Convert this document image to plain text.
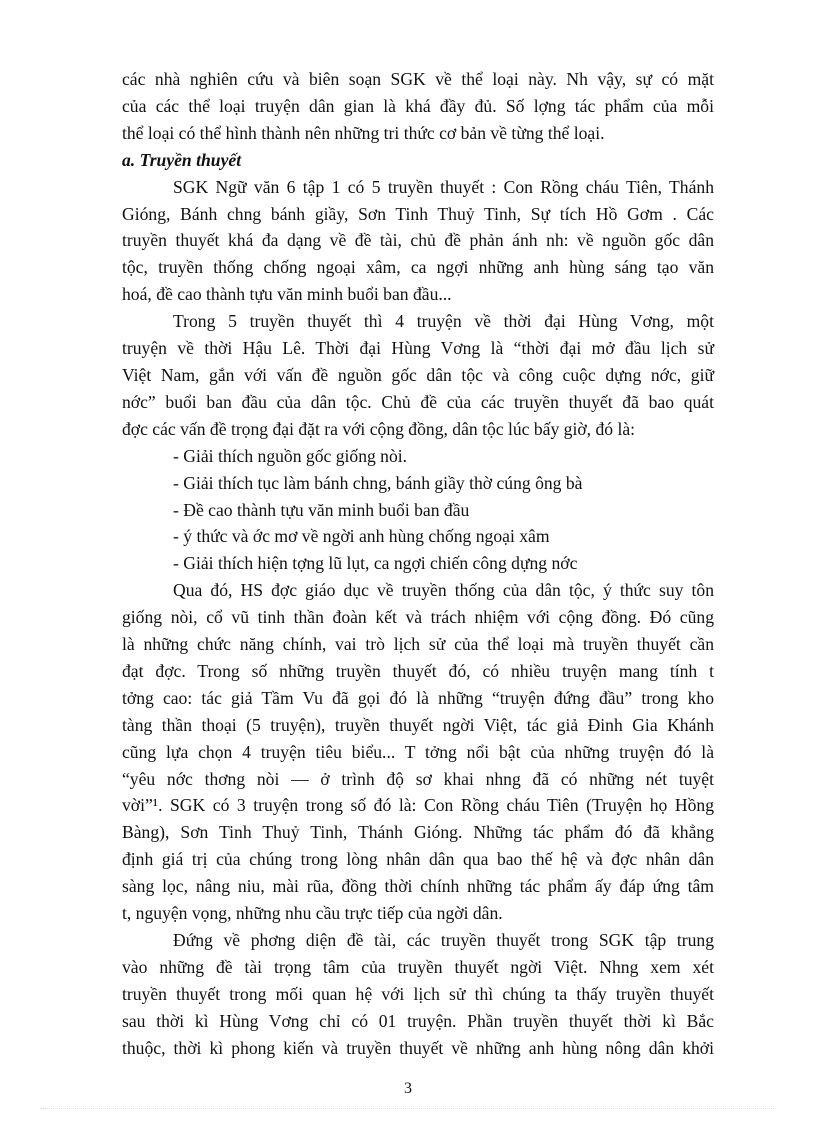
các nhà nghiên cứu và biên soạn SGK về thể loại này. Nh vậy, sự có mặt

của các thể loại truyện dân gian là khá đầy đủ. Số lợng tác phẩm của mỗi

thể loại có thể hình thành nên những tri thức cơ bản về từng thể loại.

a. Truyền thuyết

SGK Ngữ văn 6 tập 1 có 5 truyền thuyết : Con Rồng cháu Tiên, Thánh

Gióng, Bánh chng bánh giầy, Sơn Tinh Thuỷ Tinh, Sự tích Hồ Gơm . Các

truyền thuyết khá đa dạng về đề tài, chủ đề phản ánh nh: về nguồn gốc dân

tộc, truyền thống chống ngoại xâm, ca ngợi những anh hùng sáng tạo văn

hoá, đề cao thành tựu văn minh buổi ban đầu...

Trong 5 truyền thuyết thì 4 truyện về thời đại Hùng Vơng, một

truyện về thời Hậu Lê. Thời đại Hùng Vơng là “thời đại mở đầu lịch sử

Việt Nam, gắn với vấn đề nguồn gốc dân tộc và công cuộc dựng nớc, giữ

nớc” buổi ban đầu của dân tộc. Chủ đề của các truyền thuyết đã bao quát

đợc các vấn đề trọng đại đặt ra với cộng đồng, dân tộc lúc bấy giờ, đó là:

- Giải thích nguồn gốc giống nòi.

- Giải thích tục làm bánh chng, bánh giầy thờ cúng ông bà

- Đề cao thành tựu văn minh buổi ban đầu

- ý thức và ớc mơ về ngời anh hùng chống ngoại xâm

- Giải thích hiện tợng lũ lụt, ca ngợi chiến công dựng nớc

Qua đó, HS đợc giáo dục về truyền thống của dân tộc, ý thức suy tôn

giống nòi, cổ vũ tinh thần đoàn kết và trách nhiệm với cộng đồng. Đó cũng

là những chức năng chính, vai trò lịch sử của thể loại mà truyền thuyết cần

đạt đợc. Trong số những truyền thuyết đó, có nhiều truyện mang tính t

tởng cao: tác giả Tầm Vu đã gọi đó là những “truyện đứng đầu” trong kho

tàng thần thoại (5 truyện), truyền thuyết ngời Việt, tác giả Đinh Gia Khánh

cũng lựa chọn 4 truyện tiêu biểu... T tởng nổi bật của những truyện đó là

“yêu nớc thơng nòi — ở trình độ sơ khai nhng đã có những nét tuyệt

vời”¹. SGK có 3 truyện trong số đó là: Con Rồng cháu Tiên (Truyện họ Hồng

Bàng), Sơn Tinh Thuỷ Tinh, Thánh Gióng. Những tác phẩm đó đã khẳng

định giá trị của chúng trong lòng nhân dân qua bao thế hệ và đợc nhân dân

sàng lọc, nâng niu, mài rũa, đồng thời chính những tác phẩm ấy đáp ứng tâm

t, nguyện vọng, những nhu cầu trực tiếp của ngời dân.

Đứng về phơng diện đề tài, các truyền thuyết trong SGK tập trung

vào những đề tài trọng tâm của truyền thuyết ngời Việt. Nhng xem xét

truyền thuyết trong mối quan hệ với lịch sử thì chúng ta thấy truyền thuyết

sau thời kì Hùng Vơng chỉ có 01 truyện. Phần truyền thuyết thời kì Bắc

thuộc, thời kì phong kiến và truyền thuyết về những anh hùng nông dân khởi

3
